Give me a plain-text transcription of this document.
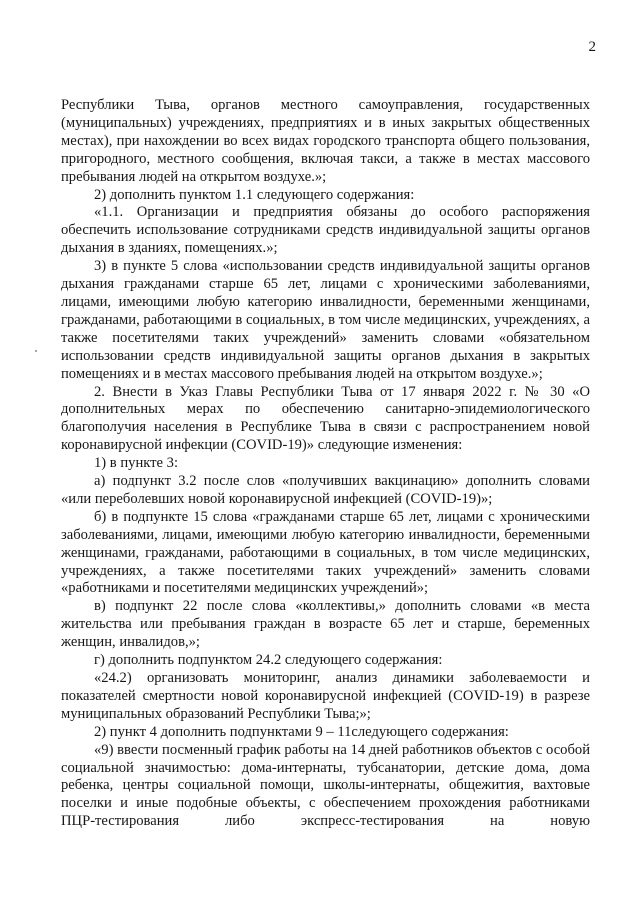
2

Республики Тыва, органов местного самоуправления, государственных (муниципальных) учреждениях, предприятиях и в иных закрытых общественных местах), при нахождении во всех видах городского транспорта общего пользования, пригородного, местного сообщения, включая такси, а также в местах массового пребывания людей на открытом воздухе.»;

2) дополнить пунктом 1.1 следующего содержания:

«1.1. Организации и предприятия обязаны до особого распоряжения обеспечить использование сотрудниками средств индивидуальной защиты органов дыхания в зданиях, помещениях.»;

3) в пункте 5 слова «использовании средств индивидуальной защиты органов дыхания гражданами старше 65 лет, лицами с хроническими заболеваниями, лицами, имеющими любую категорию инвалидности, беременными женщинами, гражданами, работающими в социальных, в том числе медицинских, учреждениях, а также посетителями таких учреждений» заменить словами «обязательном использовании средств индивидуальной защиты органов дыхания в закрытых помещениях и в местах массового пребывания людей на открытом воздухе.»;

2. Внести в Указ Главы Республики Тыва от 17 января 2022 г. № 30 «О дополнительных мерах по обеспечению санитарно-эпидемиологического благополучия населения в Республике Тыва в связи с распространением новой коронавирусной инфекции (COVID-19)» следующие изменения:

1) в пункте 3:

а) подпункт 3.2 после слов «получивших вакцинацию» дополнить словами «или переболевших новой коронавирусной инфекцией (COVID-19)»;

б) в подпункте 15 слова «гражданами старше 65 лет, лицами с хроническими заболеваниями, лицами, имеющими любую категорию инвалидности, беременными женщинами, гражданами, работающими в социальных, в том числе медицинских, учреждениях, а также посетителями таких учреждений» заменить словами «работниками и посетителями медицинских учреждений»;

в) подпункт 22 после слова «коллективы,» дополнить словами «в места жительства или пребывания граждан в возрасте 65 лет и старше, беременных женщин, инвалидов,»;

г) дополнить подпунктом 24.2 следующего содержания:

«24.2) организовать мониторинг, анализ динамики заболеваемости и показателей смертности новой коронавирусной инфекцией (COVID-19) в разрезе муниципальных образований Республики Тыва;»;

2) пункт 4 дополнить подпунктами 9 – 11следующего содержания:

«9) ввести посменный график работы на 14 дней работников объектов с особой социальной значимостью: дома-интернаты, тубсанатории, детские дома, дома ребенка, центры социальной помощи, школы-интернаты, общежития, вахтовые поселки и иные подобные объекты, с обеспечением прохождения работниками ПЦР-тестирования либо экспресс-тестирования на новую
